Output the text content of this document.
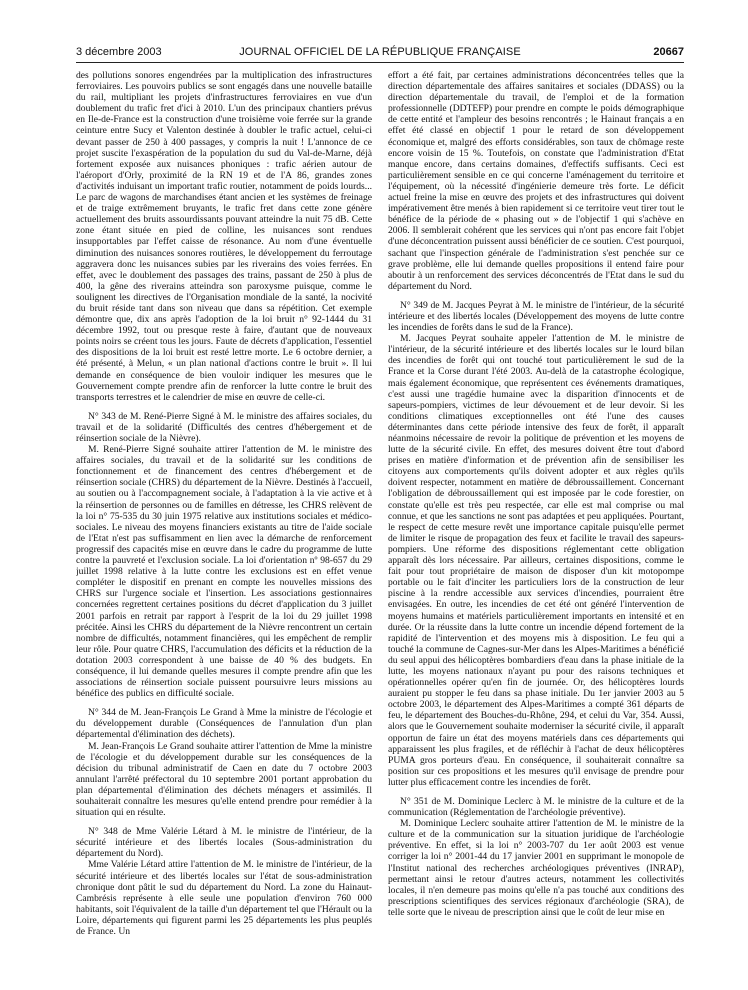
3 décembre 2003	JOURNAL OFFICIEL DE LA RÉPUBLIQUE FRANÇAISE	20667

des pollutions sonores engendrées par la multiplication des infrastructures ferroviaires. Les pouvoirs publics se sont engagés dans une nouvelle bataille du rail, multipliant les projets d'infrastructures ferroviaires en vue d'un doublement du trafic fret d'ici à 2010. L'un des principaux chantiers prévus en Ile-de-France est la construction d'une troisième voie ferrée sur la grande ceinture entre Sucy et Valenton destinée à doubler le trafic actuel, celui-ci devant passer de 250 à 400 passages, y compris la nuit ! L'annonce de ce projet suscite l'exaspération de la population du sud du Val-de-Marne, déjà fortement exposée aux nuisances phoniques : trafic aérien autour de l'aéroport d'Orly, proximité de la RN 19 et de l'A 86, grandes zones d'activités induisant un important trafic routier, notamment de poids lourds... Le parc de wagons de marchandises étant ancien et les systèmes de freinage et de traige extrêmement bruyants, le trafic fret dans cette zone génère actuellement des bruits assourdissants pouvant atteindre la nuit 75 dB. Cette zone étant située en pied de colline, les nuisances sont rendues insupportables par l'effet caisse de résonance. Au nom d'une éventuelle diminution des nuisances sonores routières, le développement du ferroutage aggravera donc les nuisances subies par les riverains des voies ferrées. En effet, avec le doublement des passages des trains, passant de 250 à plus de 400, la gêne des riverains atteindra son paroxysme puisque, comme le soulignent les directives de l'Organisation mondiale de la santé, la nocivité du bruit réside tant dans son niveau que dans sa répétition. Cet exemple démontre que, dix ans après l'adoption de la loi bruit n° 92-1444 du 31 décembre 1992, tout ou presque reste à faire, d'autant que de nouveaux points noirs se créent tous les jours. Faute de décrets d'application, l'essentiel des dispositions de la loi bruit est resté lettre morte. Le 6 octobre dernier, a été présenté, à Melun, « un plan national d'actions contre le bruit ». Il lui demande en conséquence de bien vouloir indiquer les mesures que le Gouvernement compte prendre afin de renforcer la lutte contre le bruit des transports terrestres et le calendrier de mise en œuvre de celle-ci.

N° 343 de M. René-Pierre Signé à M. le ministre des affaires sociales, du travail et de la solidarité (Difficultés des centres d'hébergement et de réinsertion sociale de la Nièvre).

M. René-Pierre Signé souhaite attirer l'attention de M. le ministre des affaires sociales, du travail et de la solidarité sur les conditions de fonctionnement et de financement des centres d'hébergement et de réinsertion sociale (CHRS) du département de la Nièvre. Destinés à l'accueil, au soutien ou à l'accompagnement sociale, à l'adaptation à la vie active et à la réinsertion de personnes ou de familles en détresse, les CHRS relèvent de la loi n° 75-535 du 30 juin 1975 relative aux institutions sociales et médico-sociales. Le niveau des moyens financiers existants au titre de l'aide sociale de l'Etat n'est pas suffisamment en lien avec la démarche de renforcement progressif des capacités mise en œuvre dans le cadre du programme de lutte contre la pauvreté et l'exclusion sociale. La loi d'orientation nº 98-657 du 29 juillet 1998 relative à la lutte contre les exclusions est en effet venue compléter le dispositif en prenant en compte les nouvelles missions des CHRS sur l'urgence sociale et l'insertion. Les associations gestionnaires concernées regrettent certaines positions du décret d'application du 3 juillet 2001 parfois en retrait par rapport à l'esprit de la loi du 29 juillet 1998 précitée. Ainsi les CHRS du département de la Nièvre rencontrent un certain nombre de difficultés, notamment financières, qui les empêchent de remplir leur rôle. Pour quatre CHRS, l'accumulation des déficits et la réduction de la dotation 2003 correspondent à une baisse de 40 % des budgets. En conséquence, il lui demande quelles mesures il compte prendre afin que les associations de réinsertion sociale puissent poursuivre leurs missions au bénéfice des publics en difficulté sociale.

N° 344 de M. Jean-François Le Grand à Mme la ministre de l'écologie et du développement durable (Conséquences de l'annulation d'un plan départemental d'élimination des déchets).

M. Jean-François Le Grand souhaite attirer l'attention de Mme la ministre de l'écologie et du développement durable sur les conséquences de la décision du tribunal administratif de Caen en date du 7 octobre 2003 annulant l'arrêté préfectoral du 10 septembre 2001 portant approbation du plan départemental d'élimination des déchets ménagers et assimilés. Il souhaiterait connaître les mesures qu'elle entend prendre pour remédier à la situation qui en résulte.

N° 348 de Mme Valérie Létard à M. le ministre de l'intérieur, de la sécurité intérieure et des libertés locales (Sous-administration du département du Nord).

Mme Valérie Létard attire l'attention de M. le ministre de l'intérieur, de la sécurité intérieure et des libertés locales sur l'état de sous-administration chronique dont pâtit le sud du département du Nord. La zone du Hainaut-Cambrésis représente à elle seule une population d'environ 760 000 habitants, soit l'équivalent de la taille d'un département tel que l'Hérault ou la Loire, départements qui figurent parmi les 25 départements les plus peuplés de France. Un

effort a été fait, par certaines administrations déconcentrées telles que la direction départementale des affaires sanitaires et sociales (DDASS) ou la direction départementale du travail, de l'emploi et de la formation professionnelle (DDTEFP) pour prendre en compte le poids démographique de cette entité et l'ampleur des besoins rencontrés ; le Hainaut français a en effet été classé en objectif 1 pour le retard de son développement économique et, malgré des efforts considérables, son taux de chômage reste encore voisin de 15 %. Toutefois, on constate que l'administration d'Etat manque encore, dans certains domaines, d'effectifs suffisants. Ceci est particulièrement sensible en ce qui concerne l'aménagement du territoire et l'équipement, où la nécessité d'ingénierie demeure très forte. Le déficit actuel freine la mise en œuvre des projets et des infrastructures qui doivent impérativement être menés à bien rapidement si ce territoire veut tirer tout le bénéfice de la période de « phasing out » de l'objectif 1 qui s'achève en 2006. Il semblerait cohérent que les services qui n'ont pas encore fait l'objet d'une déconcentration puissent aussi bénéficier de ce soutien. C'est pourquoi, sachant que l'inspection générale de l'administration s'est penchée sur ce grave problème, elle lui demande quelles propositions il entend faire pour aboutir à un renforcement des services déconcentrés de l'Etat dans le sud du département du Nord.

N° 349 de M. Jacques Peyrat à M. le ministre de l'intérieur, de la sécurité intérieure et des libertés locales (Développement des moyens de lutte contre les incendies de forêts dans le sud de la France).

M. Jacques Peyrat souhaite appeler l'attention de M. le ministre de l'intérieur, de la sécurité intérieure et des libertés locales sur le lourd bilan des incendies de forêt qui ont touché tout particulièrement le sud de la France et la Corse durant l'été 2003. Au-delà de la catastrophe écologique, mais également économique, que représentent ces événements dramatiques, c'est aussi une tragédie humaine avec la disparition d'innocents et de sapeurs-pompiers, victimes de leur dévouement et de leur devoir. Si les conditions climatiques exceptionnelles ont été l'une des causes déterminantes dans cette période intensive des feux de forêt, il apparaît néanmoins nécessaire de revoir la politique de prévention et les moyens de lutte de la sécurité civile. En effet, des mesures doivent être tout d'abord prises en matière d'information et de prévention afin de sensibiliser les citoyens aux comportements qu'ils doivent adopter et aux règles qu'ils doivent respecter, notamment en matière de débroussaillement. Concernant l'obligation de débroussaillement qui est imposée par le code forestier, on constate qu'elle est très peu respectée, car elle est mal comprise ou mal connue, et que les sanctions ne sont pas adaptées et peu appliquées. Pourtant, le respect de cette mesure revêt une importance capitale puisqu'elle permet de limiter le risque de propagation des feux et facilite le travail des sapeurs-pompiers. Une réforme des dispositions réglementant cette obligation apparaît dès lors nécessaire. Par ailleurs, certaines dispositions, comme le fait pour tout propriétaire de maison de disposer d'un kit motopompe portable ou le fait d'inciter les particuliers lors de la construction de leur piscine à la rendre accessible aux services d'incendies, pourraient être envisagées. En outre, les incendies de cet été ont généré l'intervention de moyens humains et matériels particulièrement importants en intensité et en durée. Or la réussite dans la lutte contre un incendie dépend fortement de la rapidité de l'intervention et des moyens mis à disposition. Le feu qui a touché la commune de Cagnes-sur-Mer dans les Alpes-Maritimes a bénéficié du seul appui des hélicoptères bombardiers d'eau dans la phase initiale de la lutte, les moyens nationaux n'ayant pu pour des raisons techniques et opérationnelles opérer qu'en fin de journée. Or, des hélicoptères lourds auraient pu stopper le feu dans sa phase initiale. Du 1er janvier 2003 au 5 octobre 2003, le département des Alpes-Maritimes a compté 361 départs de feu, le département des Bouches-du-Rhône, 294, et celui du Var, 354. Aussi, alors que le Gouvernement souhaite moderniser la sécurité civile, il apparaît opportun de faire un état des moyens matériels dans ces départements qui apparaissent les plus fragiles, et de réfléchir à l'achat de deux hélicoptères PUMA gros porteurs d'eau. En conséquence, il souhaiterait connaître sa position sur ces propositions et les mesures qu'il envisage de prendre pour lutter plus efficacement contre les incendies de forêt.

N° 351 de M. Dominique Leclerc à M. le ministre de la culture et de la communication (Réglementation de l'archéologie préventive).

M. Dominique Leclerc souhaite attirer l'attention de M. le ministre de la culture et de la communication sur la situation juridique de l'archéologie préventive. En effet, si la loi n° 2003-707 du 1er août 2003 est venue corriger la loi n° 2001-44 du 17 janvier 2001 en supprimant le monopole de l'Institut national des recherches archéologiques préventives (INRAP), permettant ainsi le retour d'autres acteurs, notamment les collectivités locales, il n'en demeure pas moins qu'elle n'a pas touché aux conditions des prescriptions scientifiques des services régionaux d'archéologie (SRA), de telle sorte que le niveau de prescription ainsi que le coût de leur mise en
